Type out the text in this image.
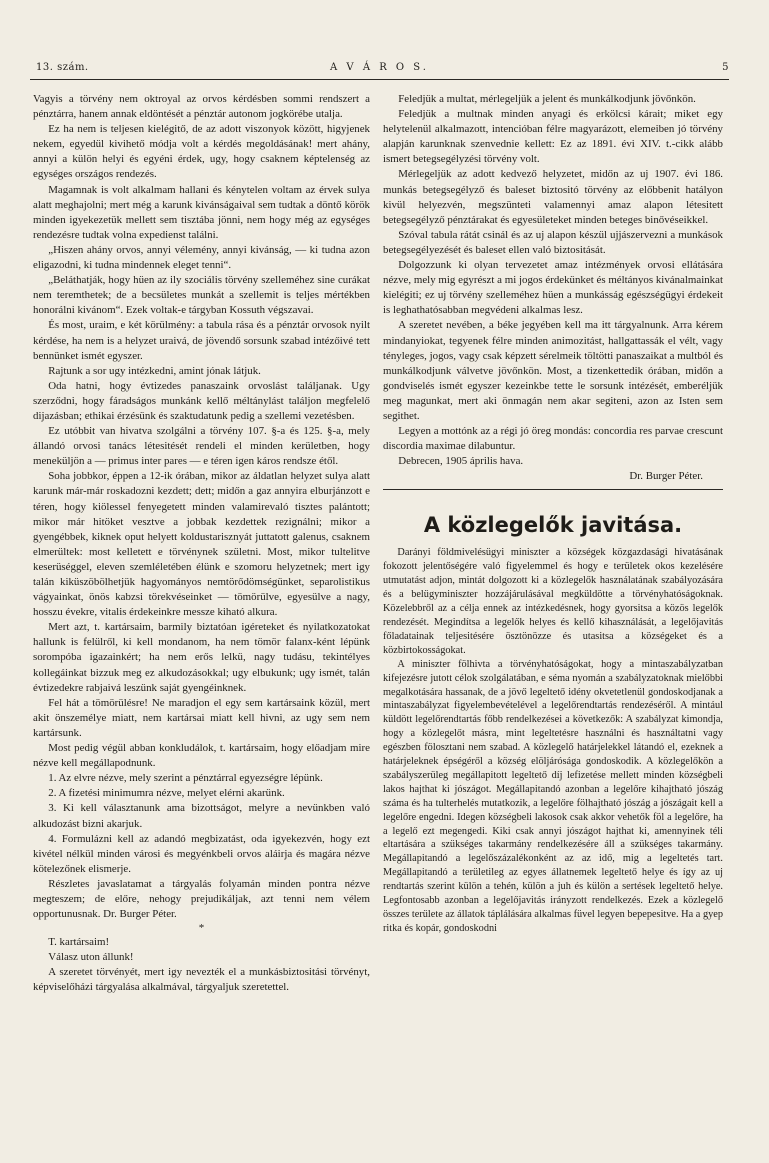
13. szám.	A V Á R O S.	5

Vagyis a törvény nem oktroyal az orvos kérdésben sommi rendszert a pénztárra, hanem annak eldöntését a pénztár autonom jogkörébe utalja.

Ez ha nem is teljesen kielégitő, de az adott viszonyok között, higyjenek nekem, egyedül kivihető módja volt a kérdés megoldásának! mert ahány, annyi a külön helyi és egyéni érdek, ugy, hogy csaknem képtelenség az egységes országos rendezés.

Magamnak is volt alkalmam hallani és kénytelen voltam az érvek sulya alatt meghajolni; mert még a karunk kivánságaival sem tudtak a döntő körök minden igyekezetük mellett sem tisztába jönni, nem hogy még az egységes rendezésre tudtak volna expedienst találni.

„Hiszen ahány orvos, annyi vélemény, annyi kivánság, — ki tudna azon eligazodni, ki tudna mindennek eleget tenni“.

„Beláthatják, hogy hüen az ily szociális törvény szelleméhez sine curákat nem teremthetek; de a becsületes munkát a szellemit is teljes mértékben honorálni kivánom“. Ezek voltak-e tárgyban Kossuth végszavai.

És most, uraim, e két körülmény: a tabula rása és a pénztár orvosok nyilt kérdése, ha nem is a helyzet uraivá, de jövendő sorsunk szabad intézőivé tett bennünket ismét egyszer.

Rajtunk a sor ugy intézkedni, amint jónak látjuk.

Oda hatni, hogy évtizedes panaszaink orvoslást találjanak. Ugy szerződni, hogy fáradságos munkánk kellő méltánylást találjon megfelelő dijazásban; ethikai érzésünk és szaktudatunk pedig a szellemi vezetésben.

Ez utóbbit van hivatva szolgálni a törvény 107. §-a és 125. §-a, mely állandó orvosi tanács létesitését rendeli el minden kerületben, hogy meneküljön a — primus inter pares — e téren igen káros rendsze étől.

Soha jobbkor, éppen a 12-ik órában, mikor az áldatlan helyzet sulya alatt karunk már-már roskadozni kezdett; dett; midőn a gaz annyira elburjánzott e téren, hogy kiölessel fenyegetett minden valamirevaló tisztes palántott; mikor már hitöket vesztve a jobbak kezdettek rezignálni; mikor a gyengébbek, kiknek oput helyett koldustarisznyát juttatott galenus, csaknem elmerültek: most kelletett e törvénynek születni. Most, mikor tultelitve keserüséggel, eleven szemléletében élünk e szomoru helyzetnek; mert igy talán kiküszöbölhetjük hagyományos nemtörődömségünket, separolistikus vágyainkat, önös kabzsi törekvéseinket — tömörülve, egyesülve a nagy, hosszu évekre, vitalis érdekeinkre messze kiható alkura.

Mert azt, t. kartársaim, barmily biztatóan igéreteket és nyilatkozatokat hallunk is felülről, ki kell mondanom, ha nem tömör falanx-ként lépünk sorompóba igazainkért; ha nem erős lelkü, nagy tudásu, tekintélyes kollegáinkat bizzuk meg ez alkudozásokkal; ugy elbukunk; ugy ismét, talán évtizedekre rabjaivá leszünk saját gyengéinknek.

Fel hát a tömörülésre! Ne maradjon el egy sem kartársaink közül, mert akit önszemélye miatt, nem kartársai miatt kell hivni, az ugy sem nem kartársunk.

Most pedig végül abban konkludálok, t. kartársaim, hogy előadjam mire nézve kell megállapodnunk.

1. Az elvre nézve, mely szerint a pénztárral egyezségre lépünk.

2. A fizetési minimumra nézve, melyet elérni akarünk.

3. Ki kell választanunk ama bizottságot, melyre a nevünkben való alkudozást bizni akarjuk.

4. Formulázni kell az adandó megbizatást, oda igyekezvén, hogy ezt kivétel nélkül minden városi és megyénkbeli orvos aláirja és magára nézve kötelezőnek elismerje.

Részletes javaslatamat a tárgyalás folyamán minden pontra nézve megteszem; de előre, nehogy prejudikáljak, azt tenni nem vélem opportunusnak. Dr. Burger Péter.

*

T. kartársaim!

Válasz uton állunk!

A szeretet törvényét, mert igy nevezték el a munkásbiztositási törvényt, képviselőházi tárgyalása alkalmával, tárgyaljuk szeretettel.

Feledjük a multat, mérlegeljük a jelent és munkálkodjunk jövőnkön.

Feledjük a multnak minden anyagi és erkölcsi kárait; miket egy helytelenül alkalmazott, intencióban félre magyarázott, elemeiben jó törvény alapján karunknak szenvednie kellett: Ez az 1891. évi XIV. t.-cikk alább ismert betegsegélyzési törvény volt.

Mérlegeljük az adott kedvező helyzetet, midőn az uj 1907. évi 186. munkás betegsegélyző és baleset biztositó törvény az előbbenit hatályon kivül helyezvén, megszünteti valamennyi amaz alapon létesitett betegsegélyző pénztárakat és egyesületeket minden beteges binővéseikkel.

Szóval tabula rátát csinál és az uj alapon készül ujjászervezni a munkások betegsegélyezését és baleset ellen való biztositását.

Dolgozzunk ki olyan tervezetet amaz intézmények orvosi ellátására nézve, mely mig egyrészt a mi jogos érdekünket és méltányos kivánalmainkat kielégiti; ez uj törvény szelleméhez hüen a munkásság egészségügyi érdekeit is leghathatósabban megvédeni alkalmas lesz.

A szeretet nevében, a béke jegyében kell ma itt tárgyalnunk. Arra kérem mindanyiokat, tegyenek félre minden animozitást, hallgattassák el vélt, vagy tényleges, jogos, vagy csak képzett sérelmeik töltötti panaszaikat a multból és munkálkodjunk válvetve jövőnkön. Most, a tizenkettedik órában, midőn a gondviselés ismét egyszer kezeinkbe tette le sorsunk intézését, emberéljük meg magunkat, mert aki önmagán nem akar segiteni, azon az Isten sem segithet.

Legyen a mottónk az a régi jó öreg mondás: concordia res parvae crescunt discordia maximae dilabuntur.

Debrecen, 1905 április hava.

Dr. Burger Péter.
A közlegelők javitása.

Darányi földmivelésügyi miniszter a községek közgazdasági hivatásának fokozott jelentőségére való figyelemmel és hogy e területek okos kezelésére utmutatást adjon, mintát dolgozott ki a közlegelők használatának szabályozására és a belügyminiszter hozzájárulásával megküldötte a törvényhatóságoknak. Közelebbről az a célja ennek az intézkedésnek, hogy gyorsitsa a közös legelők rendezését. Megindítsa a legelők helyes és kellő kihasználását, a legelőjavitás főladatainak teljesitésére ösztönözze és utasitsa a községeket és a közbirtokosságokat.

A miniszter fölhivta a törvényhatóságokat, hogy a mintaszabályzatban kifejezésre jutott célok szolgálatában, e séma nyomán a szabályzatoknak mielőbbi megalkotására hassanak, de a jövő legeltető idény okvetetlenül gondoskodjanak a mintaszabályzat figyelembevételével a legelőrendtartás rendezéséről. A mintául küldött legelőrendtartás főbb rendelkezései a következők: A szabályzat kimondja, hogy a közlegelőt másra, mint legeltetésre használni és használtatni vagy egészben fölosztani nem szabad. A közlegelő határjelekkel látandó el, ezeknek a határjeleknek épségéről a község elöljárósága gondoskodik. A közlegelőkön a szabályszerüleg megállapitott legeltető díj lefizetése mellett minden községbeli lakos hajthat ki jószágot. Megállapitandó azonban a legelőre kihajtható jószág száma és ha tulterhelés mutatkozik, a legelőre fölhajtható jószág a jószágait kell a legelőre engedni. Idegen községbeli lakosok csak akkor vehetők föl a legelőre, ha a legelő ezt megengedi. Kiki csak annyi jószágot hajthat ki, amennyinek téli eltartására a szükséges takarmány rendelkezésére áll a szükséges takarmány. Megállapitandó a legelőszázalékonként az az idő, mig a legeltetés tart. Megállapitandó a területileg az egyes állatnemek legeltető helye és így az uj rendtartás szerint külön a tehén, külön a juh és külön a sertések legeltető helye. Legfontosabb azonban a legelőjavitás irányzott rendelkezés. Ezek a közlegelő összes területe az állatok táplálására alkalmas füvel legyen bepepesitve. Ha a gyep ritka és kopár, gondoskodni
